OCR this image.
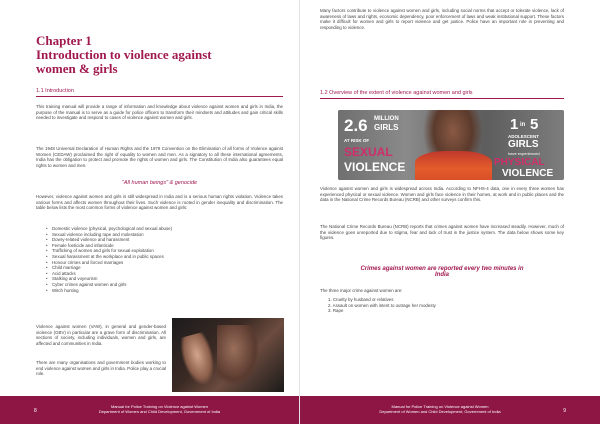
Chapter 1
Introduction to violence against
women & girls
1.1 Introduction
This training manual will provide a range of information and knowledge about violence against women and girls in India, the purpose of the manual is to serve as a guide for police officers to transform their mindsets and attitudes and gain critical skills needed to investigate and respond to cases of violence against women and girls.
The 1948 Universal Declaration of Human Rights and the 1979 Convention on the Elimination of all forms of Violence against Women (CEDAW) proclaimed the right of equality to women and men. As a signatory to all these international agreements, India has the obligation to protect and promote the rights of women and girls. The Constitution of India also guarantees equal rights to women and men.
"All human beings" & genocide
However, violence against women and girls is still widespread in India and is a serious human rights violation. Violence takes various forms and affects women throughout their lives. Such violence is rooted in gender inequality and discrimination. The table below lists the most common forms of violence against women and girls:
• Domestic violence (physical, psychological and sexual abuse)
• Sexual violence including rape and molestation
• Dowry-related violence and harassment
• Female foeticide and infanticide
• Trafficking of women and girls for sexual exploitation
• Sexual harassment at the workplace and in public spaces
• Honour crimes and forced marriages
• Child marriage
• Acid attacks
• Stalking and voyeurism
• Cyber crimes against women and girls
• Witch hunting
Violence against women (VAW), in general and gender-based violence (GBV) in particular are a grave form of discrimination. All sections of society, including individuals, women and girls, are affected and communities in India.
There are many organisations and government bodies working to end violence against women and girls in India. Police play a crucial role.
8
Manual for Police Training on Violence against Women
Department of Women and Child Development, Government of India
Many factors contribute to violence against women and girls, including social norms that accept or tolerate violence, lack of awareness of laws and rights, economic dependency, poor enforcement of laws and weak institutional support. These factors make it difficult for women and girls to report violence and get justice. Police have an important role in preventing and responding to violence.
1.2 Overview of the extent of violence against women and girls
2.6 MILLION
GIRLS
AT RISK OF
SEXUAL
VIOLENCE
1 in 5
ADOLESCENT
GIRLS
have experienced
PHYSICAL
VIOLENCE
Violence against women and girls is widespread across India. According to NFHS-4 data, one in every three women has experienced physical or sexual violence. Women and girls face violence in their homes, at work and in public places and the data in the National Crime Records Bureau (NCRB) and other surveys confirm this.
The National Crime Records Bureau (NCRB) reports that crimes against women have increased steadily. However, much of the violence goes unreported due to stigma, fear and lack of trust in the justice system. The data below shows some key figures.
Crimes against women are reported every two minutes in
India
The three major crime against women are:
1. Cruelty by husband or relatives
2. Assault on women with intent to outrage her modesty
3. Rape
Manual for Police Training on Violence against Women
Department of Women and Child Development, Government of India	9
